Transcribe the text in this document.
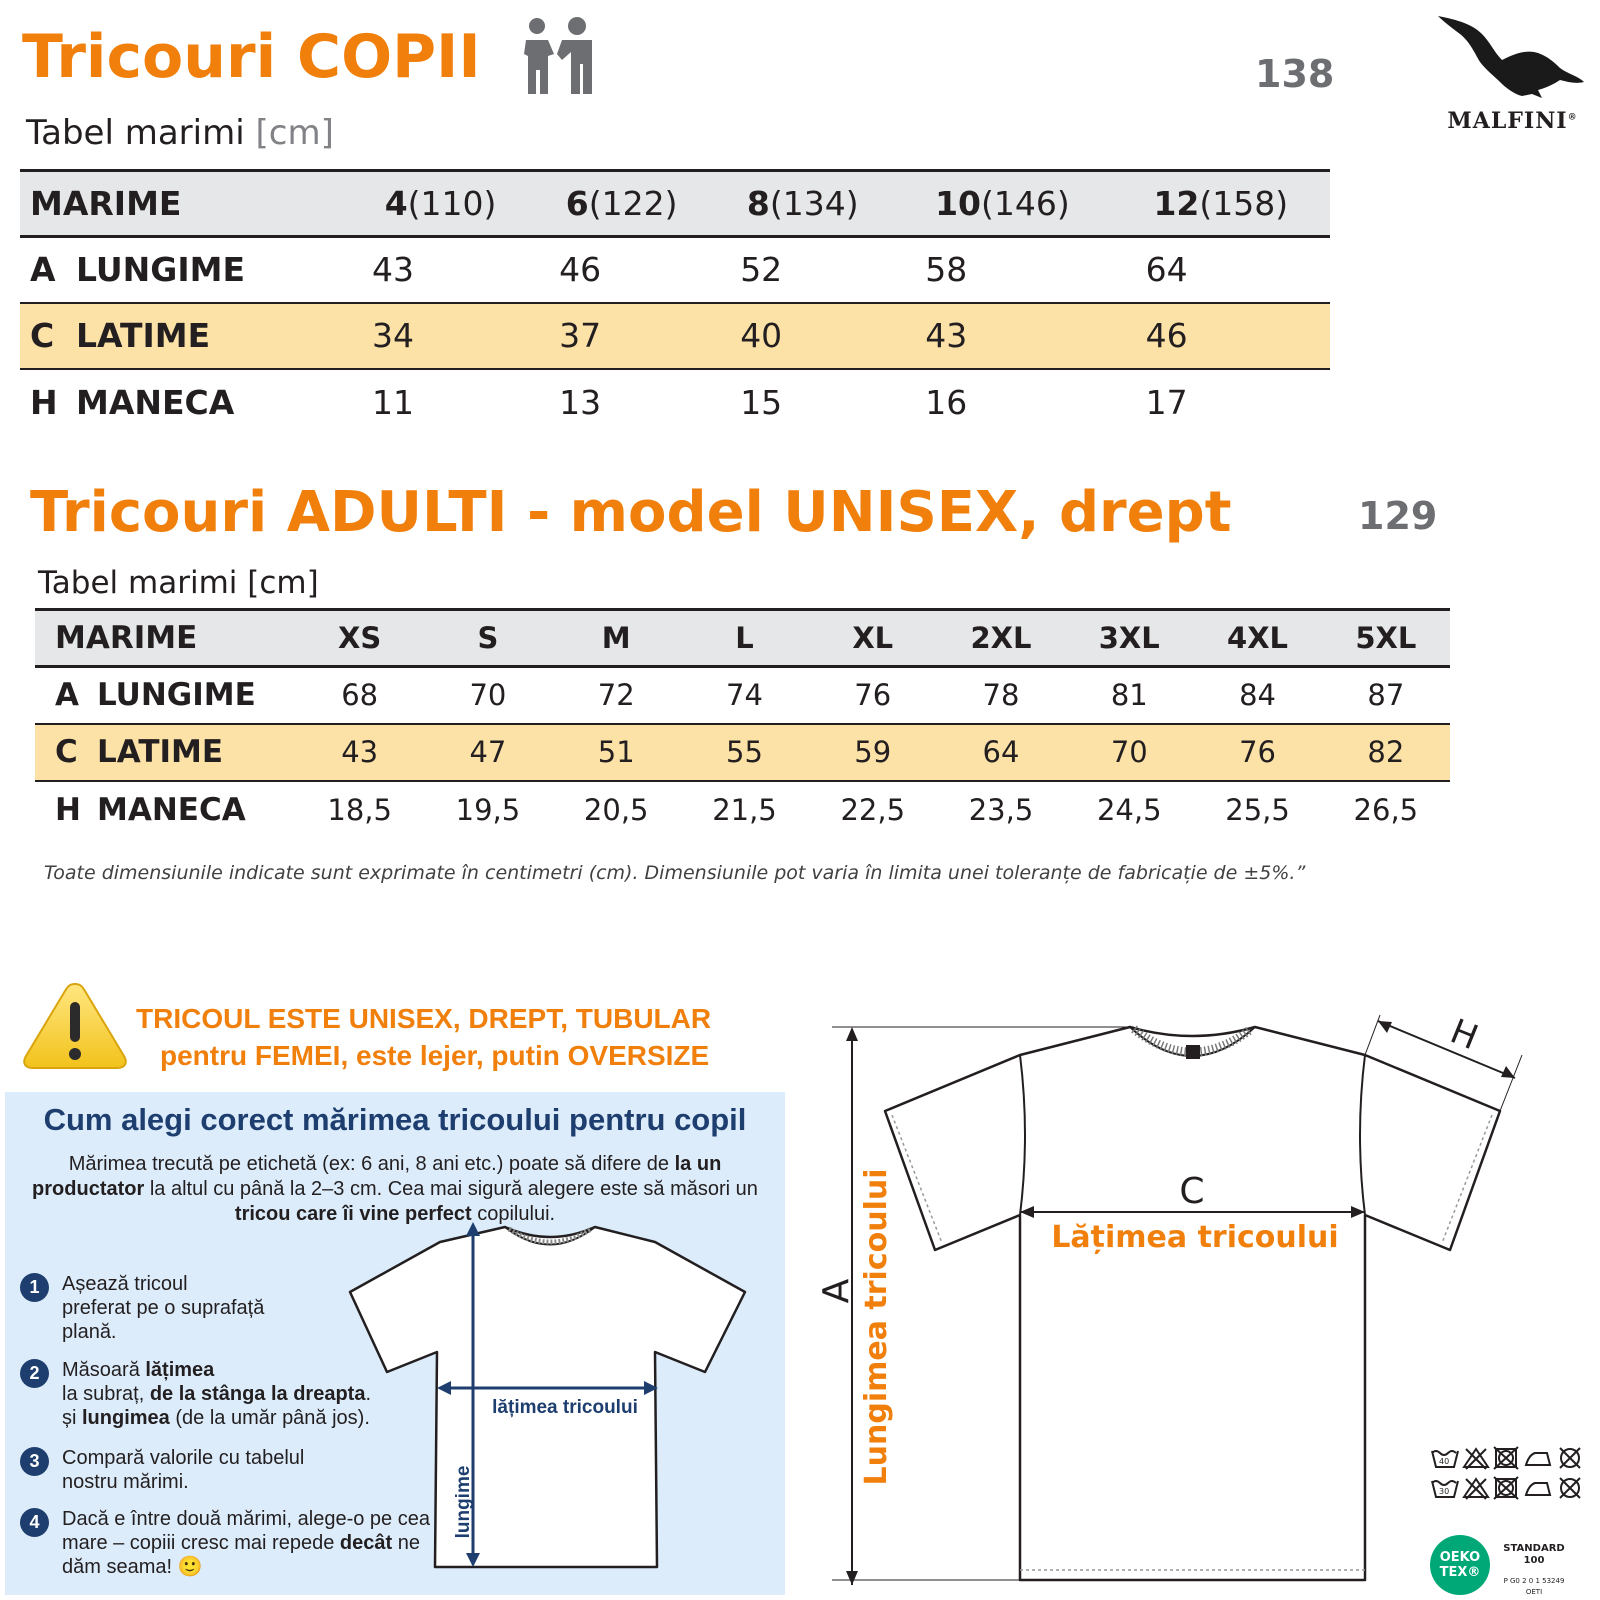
Tricouri COPII	138
Tabel marimi [cm]	MALFINI®
MARIME	4(110)	6(122)	8(134)	10(146)	12(158)
A LUNGIME	43	46	52	58	64
C LATIME	34	37	40	43	46
H MANECA	11	13	15	16	17
Tricouri ADULTI - model UNISEX, drept	129
Tabel marimi [cm]
MARIME	XS	S	M	L	XL	2XL	3XL	4XL	5XL
A LUNGIME	68	70	72	74	76	78	81	84	87
C LATIME	43	47	51	55	59	64	70	76	82
H MANECA	18,5	19,5	20,5	21,5	22,5	23,5	24,5	25,5	26,5
Toate dimensiunile indicate sunt exprimate în centimetri (cm). Dimensiunile pot varia în limita unei toleranțe de fabricație de ±5%.”
TRICOUL ESTE UNISEX, DREPT, TUBULAR
pentru FEMEI, este lejer, putin OVERSIZE
Cum alegi corect mărimea tricoului pentru copil
Mărimea trecută pe etichetă (ex: 6 ani, 8 ani etc.) poate să difere de la un productator la altul cu până la 2–3 cm. Cea mai sigură alegere este să măsori un tricou care îi vine perfect copilului.
lățimea tricoului
lungime
1	Așează tricoul
preferat pe o suprafață
plană.
2	Măsoară lățimea
la subraț, de la stânga la dreapta.
și lungimea (de la umăr până jos).
3	Compară valorile cu tabelul
nostru mărimi.
4	Dacă e între două mărimi, alege-o pe cea
mare – copiii cresc mai repede decât ne
dăm seama! 🙂
A Lungimea tricoului	C
Lățimea tricoului
H
40
30
OEKO
TEX®
STANDARD
100
P G0 2 0 1 53249
OETI
